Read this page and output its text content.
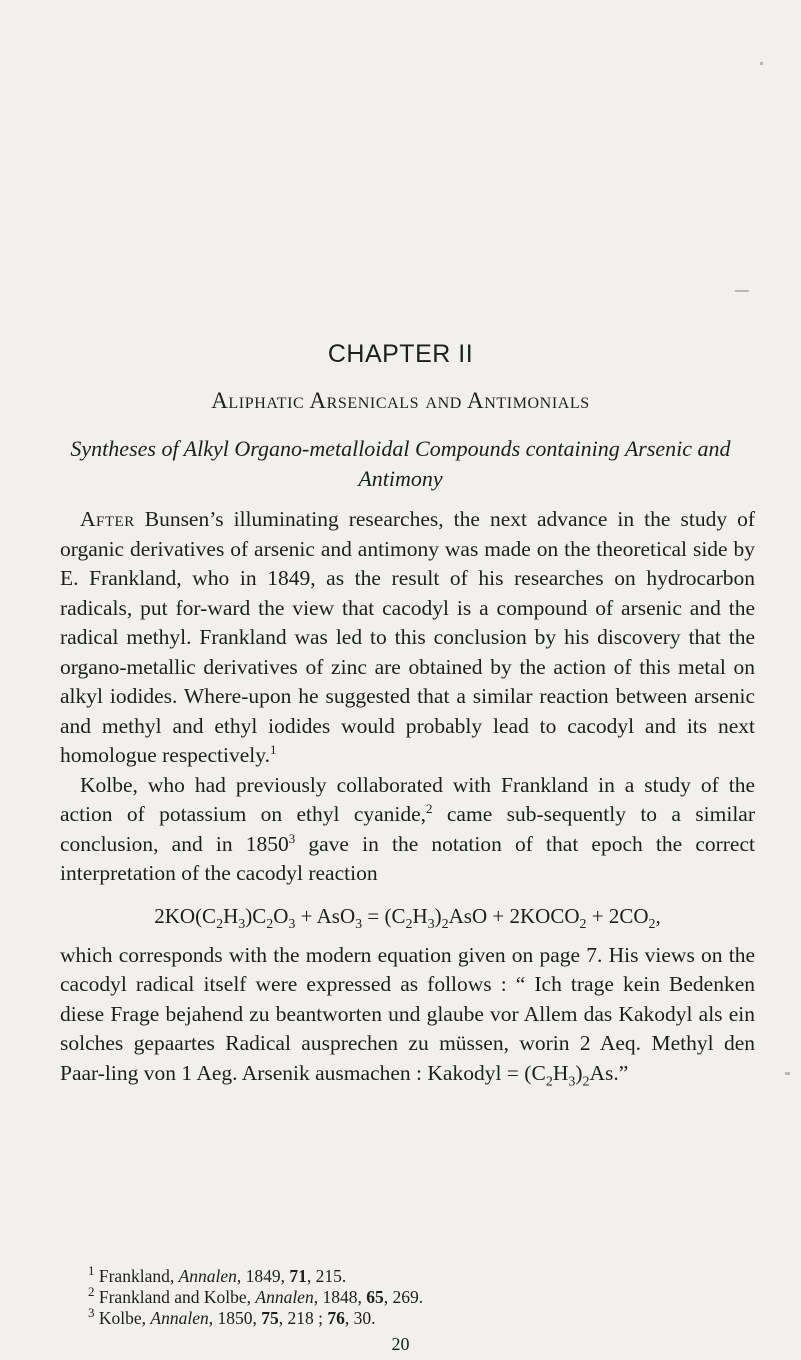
CHAPTER II
Aliphatic Arsenicals and Antimonials
Syntheses of Alkyl Organo-metalloidal Compounds containing Arsenic and Antimony

After Bunsen’s illuminating researches, the next advance in the study of organic derivatives of arsenic and antimony was made on the theoretical side by E. Frankland, who in 1849, as the result of his researches on hydrocarbon radicals, put for-ward the view that cacodyl is a compound of arsenic and the radical methyl. Frankland was led to this conclusion by his discovery that the organo-metallic derivatives of zinc are obtained by the action of this metal on alkyl iodides. Where-upon he suggested that a similar reaction between arsenic and methyl and ethyl iodides would probably lead to cacodyl and its next homologue respectively.$^1$

Kolbe, who had previously collaborated with Frankland in a study of the action of potassium on ethyl cyanide,$^2$ came sub-sequently to a similar conclusion, and in 1850$^3$ gave in the notation of that epoch the correct interpretation of the cacodyl reaction

$2KO(C_2H_3)C_2O_3 + AsO_3 = (C_2H_3)_2AsO$ + $2KOCO_2 + 2CO_2$,

which corresponds with the modern equation given on page 7. His views on the cacodyl radical itself were expressed as follows : “ Ich trage kein Bedenken diese Frage bejahend zu beantworten und glaube vor Allem das Kakodyl als ein solches gepaartes Radical ausprechen zu müssen, worin 2 Aeq. Methyl den Paar-ling von 1 Aeg. Arsenik ausmachen : Kakodyl = $(C_2H_3)_2As$.”

$^1$ Frankland, Annalen, 1849, 71, 215.
$^2$ Frankland and Kolbe, Annalen, 1848, 65, 269.
$^3$ Kolbe, Annalen, 1850, 75, 218 ; 76, 30.
20
